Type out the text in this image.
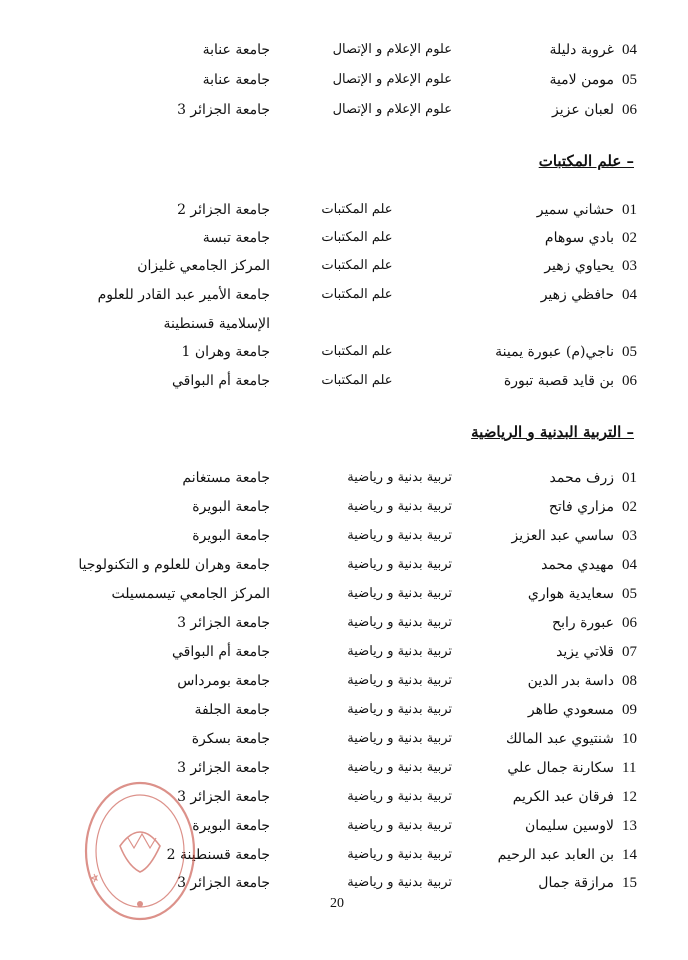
04
غروبة دليلة
علوم الإعلام و الإتصال
جامعة عنابة
05
مومن لامية
علوم الإعلام و الإتصال
جامعة عنابة
06
لعبان عزيز
علوم الإعلام و الإتصال
جامعة الجزائر 3
– علم المكتبات
01
حشاني سمير
علم المكتبات
جامعة الجزائر 2
02
بادي سوهام
علم المكتبات
جامعة تبسة
03
يحياوي زهير
علم المكتبات
المركز الجامعي غليزان
04
حافظي زهير
علم المكتبات
جامعة الأمير عبد القادر للعلوم
الإسلامية قسنطينة
05
ناجي(م) عبورة يمينة
علم المكتبات
جامعة وهران 1
06
بن قايد قصبة تبورة
علم المكتبات
جامعة أم البواقي
– التربية البدنية و الرياضية
01
زرف محمد
تربية بدنية و رياضية
جامعة مستغانم
02
مزاري فاتح
تربية بدنية و رياضية
جامعة البويرة
03
ساسي عبد العزيز
تربية بدنية و رياضية
جامعة البويرة
04
مهيدي محمد
تربية بدنية و رياضية
جامعة وهران للعلوم و التكنولوجيا
05
سعايدية هواري
تربية بدنية و رياضية
المركز الجامعي تيسمسيلت
06
عبورة رابح
تربية بدنية و رياضية
جامعة الجزائر 3
07
قلاتي يزيد
تربية بدنية و رياضية
جامعة أم البواقي
08
داسة بدر الدين
تربية بدنية و رياضية
جامعة بومرداس
09
مسعودي طاهر
تربية بدنية و رياضية
جامعة الجلفة
10
شنتيوي عبد المالك
تربية بدنية و رياضية
جامعة بسكرة
11
سكارنة جمال علي
تربية بدنية و رياضية
جامعة الجزائر 3
12
فرقان عبد الكريم
تربية بدنية و رياضية
جامعة الجزائر 3
13
لاوسين سليمان
تربية بدنية و رياضية
جامعة البويرة
14
بن العابد عبد الرحيم
تربية بدنية و رياضية
جامعة قسنطينة 2
15
مرازقة جمال
تربية بدنية و رياضية
جامعة الجزائر 3
20
